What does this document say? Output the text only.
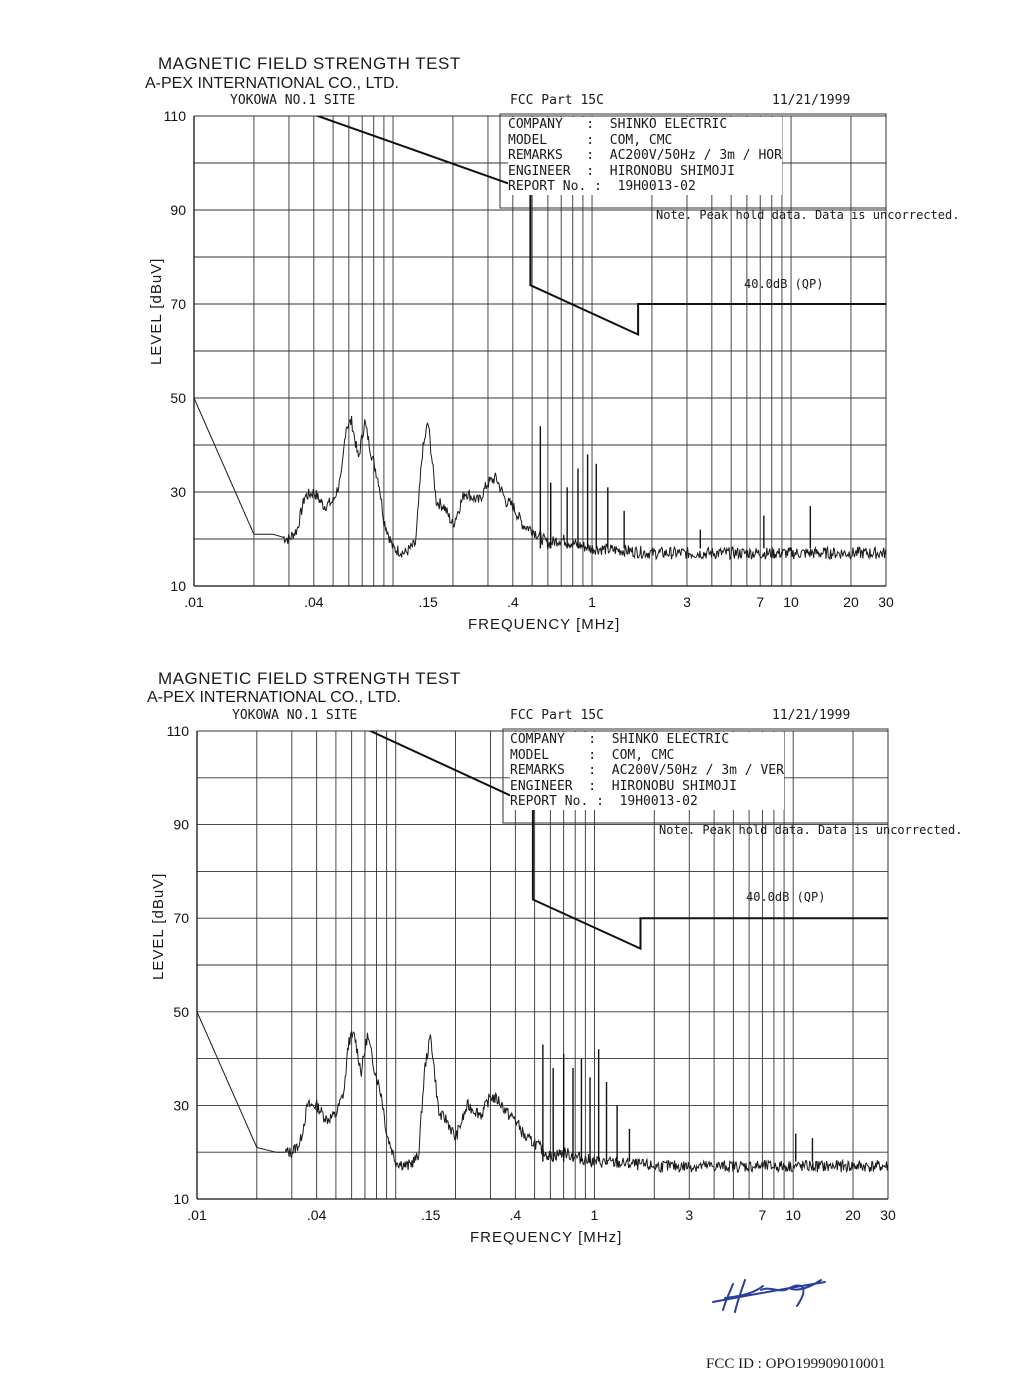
MAGNETIC FIELD STRENGTH TEST
A-PEX INTERNATIONAL CO., LTD.
YOKOWA NO.1 SITE	FCC Part 15C	11/21/1999
10
30
50
70
90
110
.01	.04	.15	.4	1	3	7 10	20 30
COMPANY   :  SHINKO ELECTRIC
MODEL     :  COM, CMC
REMARKS   :  AC200V/50Hz / 3m / HOR
ENGINEER  :  HIRONOBU SHIMOJI
REPORT No. :  19H0013-02
Note. Peak hold data. Data is uncorrected.
40.0dB (QP)
LEVEL [dBuV]
FREQUENCY [MHz]
MAGNETIC FIELD STRENGTH TEST
A-PEX INTERNATIONAL CO., LTD.
YOKOWA NO.1 SITE	FCC Part 15C	11/21/1999
10
30
50
70
90
110
.01	.04	.15	.4	1	3	7 10	20 30
COMPANY   :  SHINKO ELECTRIC
MODEL     :  COM, CMC
REMARKS   :  AC200V/50Hz / 3m / VER
ENGINEER  :  HIRONOBU SHIMOJI
REPORT No. :  19H0013-02
Note. Peak hold data. Data is uncorrected.
40.0dB (QP)
LEVEL [dBuV]
FREQUENCY [MHz]
FCC ID : OPO199909010001
